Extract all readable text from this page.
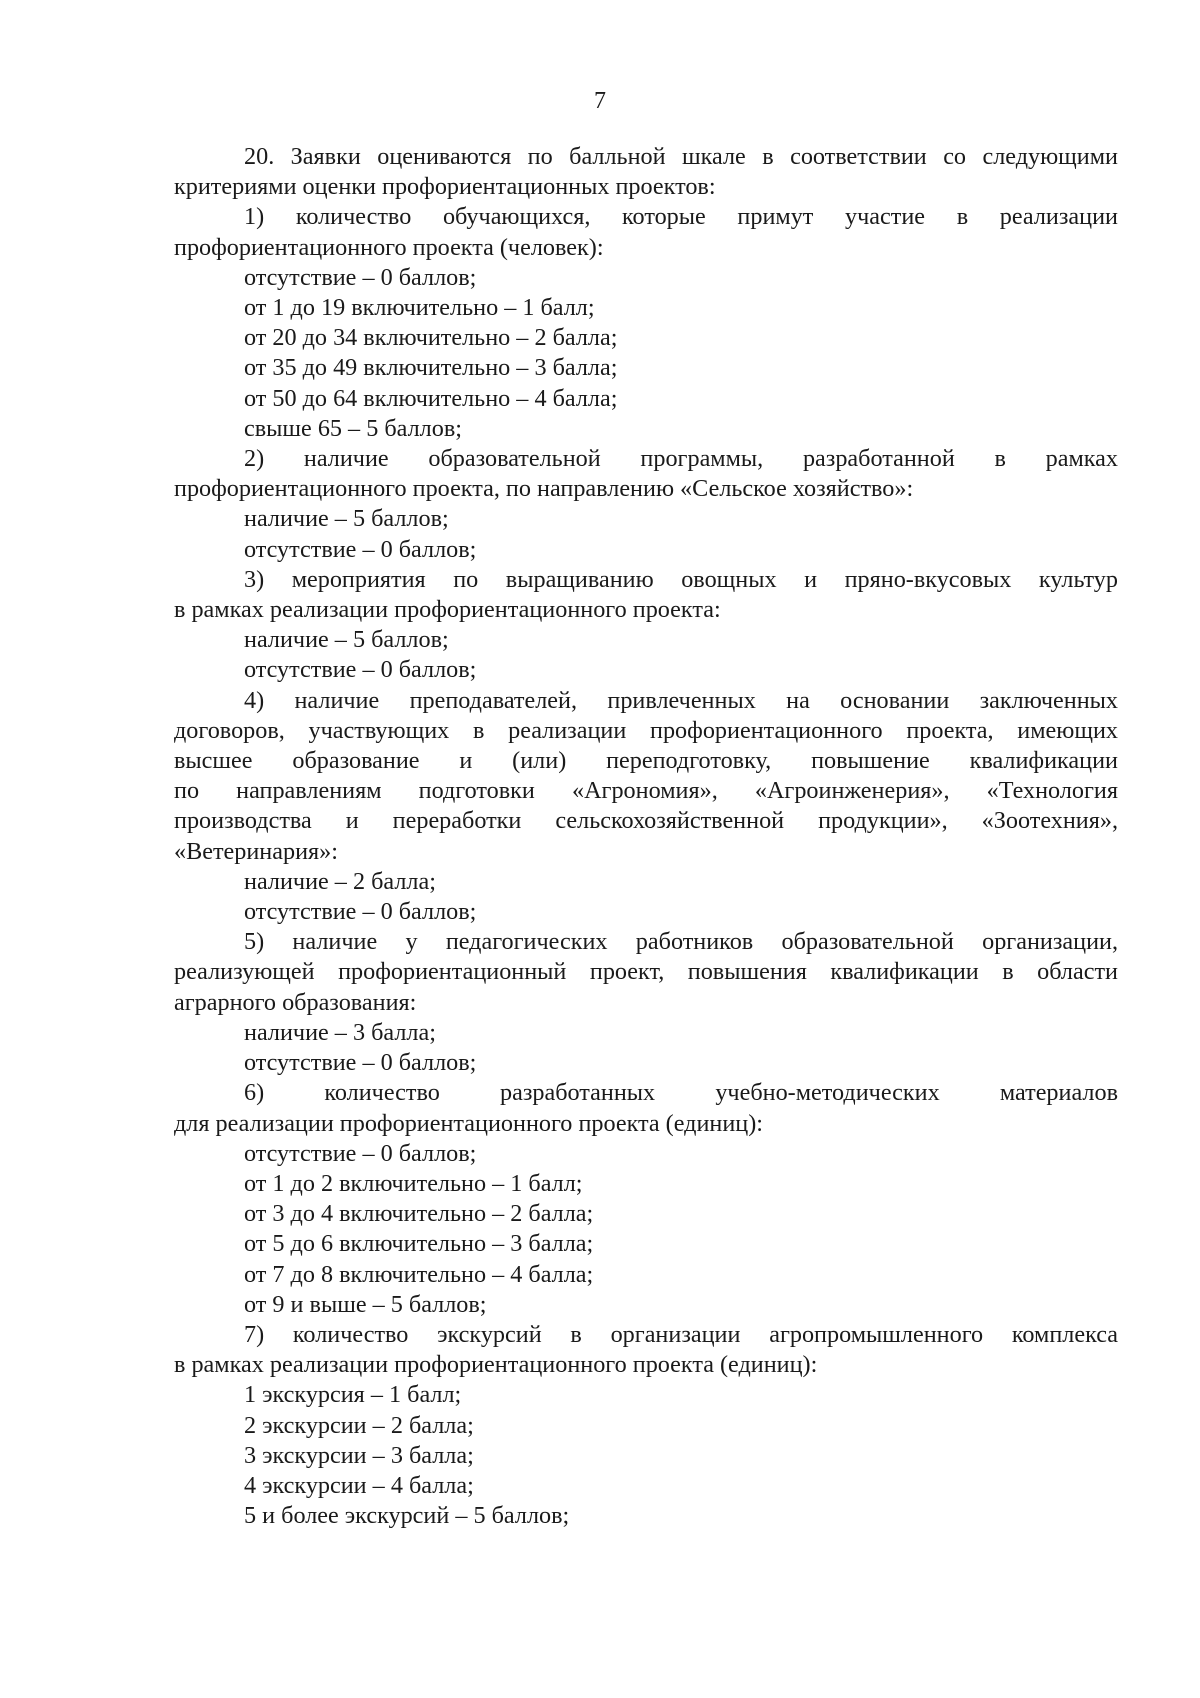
7
20. Заявки оцениваются по балльной шкале в соответствии со следующими
критериями оценки профориентационных проектов:
1) количество обучающихся, которые примут участие в реализации
профориентационного проекта (человек):
отсутствие – 0 баллов;
от 1 до 19 включительно – 1 балл;
от 20 до 34 включительно – 2 балла;
от 35 до 49 включительно – 3 балла;
от 50 до 64 включительно – 4 балла;
свыше 65 – 5 баллов;
2) наличие образовательной программы, разработанной в рамках
профориентационного проекта, по направлению «Сельское хозяйство»:
наличие – 5 баллов;
отсутствие – 0 баллов;
3) мероприятия по выращиванию овощных и пряно-вкусовых культур
в рамках реализации профориентационного проекта:
наличие – 5 баллов;
отсутствие – 0 баллов;
4) наличие преподавателей, привлеченных на основании заключенных
договоров, участвующих в реализации профориентационного проекта, имеющих
высшее образование и (или) переподготовку, повышение квалификации
по направлениям подготовки «Агрономия», «Агроинженерия», «Технология
производства и переработки сельскохозяйственной продукции», «Зоотехния»,
«Ветеринария»:
наличие – 2 балла;
отсутствие – 0 баллов;
5) наличие у педагогических работников образовательной организации,
реализующей профориентационный проект, повышения квалификации в области
аграрного образования:
наличие – 3 балла;
отсутствие – 0 баллов;
6) количество разработанных учебно-методических материалов
для реализации профориентационного проекта (единиц):
отсутствие – 0 баллов;
от 1 до 2 включительно – 1 балл;
от 3 до 4 включительно – 2 балла;
от 5 до 6 включительно – 3 балла;
от 7 до 8 включительно – 4 балла;
от 9 и выше – 5 баллов;
7) количество экскурсий в организации агропромышленного комплекса
в рамках реализации профориентационного проекта (единиц):
1 экскурсия – 1 балл;
2 экскурсии – 2 балла;
3 экскурсии – 3 балла;
4 экскурсии – 4 балла;
5 и более экскурсий – 5 баллов;
